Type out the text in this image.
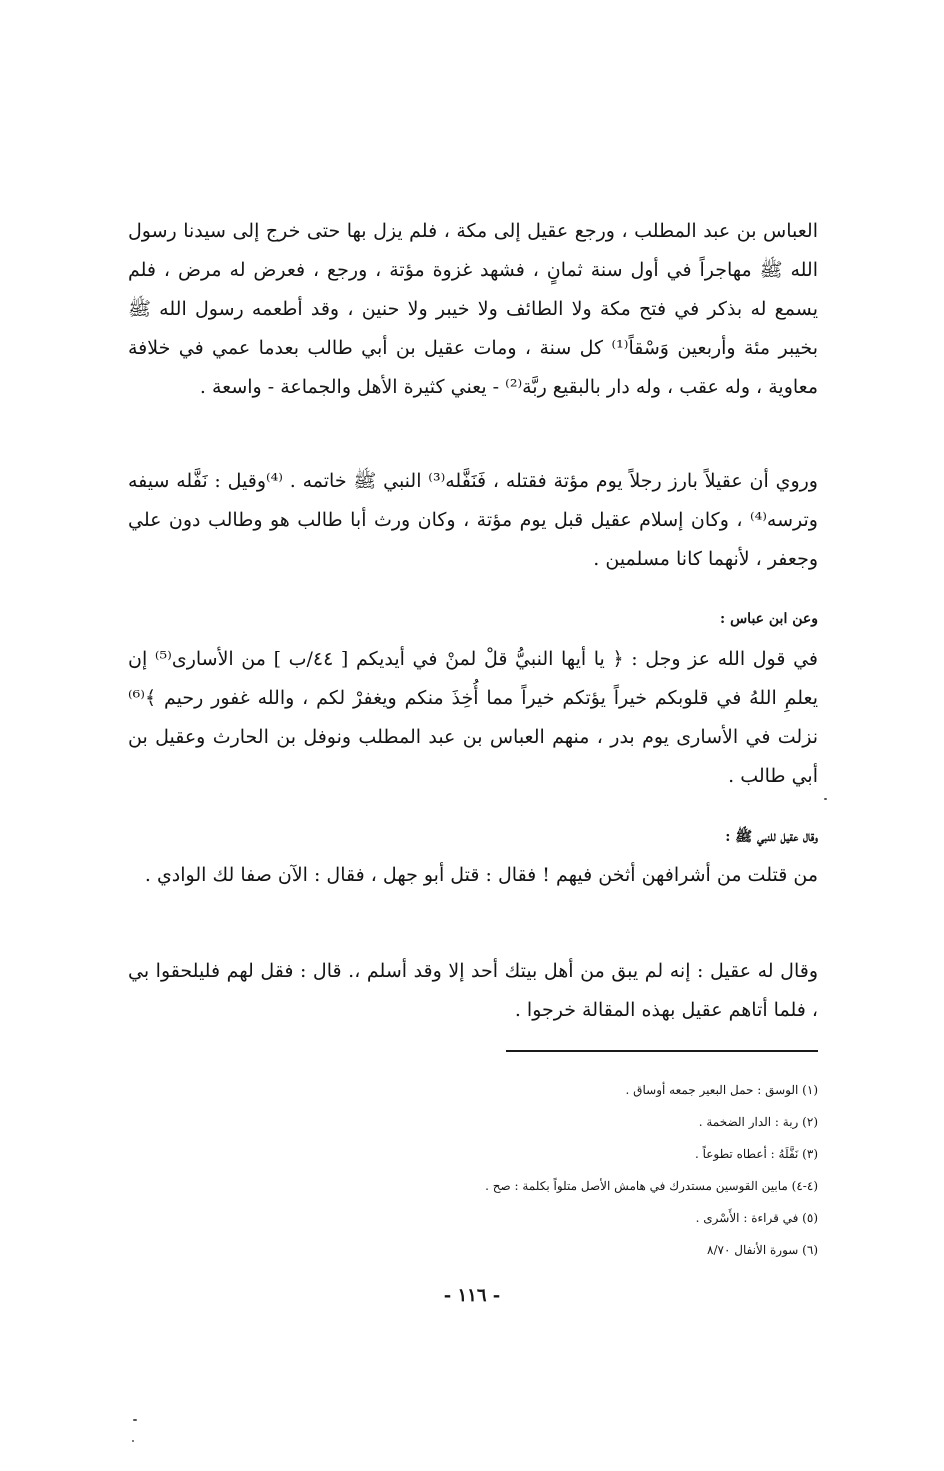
العباس بن عبد المطلب ، ورجع عقيل إلى مكة ، فلم يزل بها حتى خرج إلى سيدنا رسول الله ﷺ مهاجراً في أول سنة ثمانٍ ، فشهد غزوة مؤتة ، ورجع ، فعرض له مرض ، فلم يسمع له بذكر في فتح مكة ولا الطائف ولا خيبر ولا حنين ، وقد أطعمه رسول الله ﷺ بخيبر مئة وأربعين وَسْقاً⁽¹⁾ كل سنة ، ومات عقيل بن أبي طالب بعدما عمي في خلافة معاوية ، وله عقب ، وله دار بالبقيع ربَّة⁽²⁾ - يعني كثيرة الأهل والجماعة - واسعة .

وروي أن عقيلاً بارز رجلاً يوم مؤتة فقتله ، فَنَفَّله⁽³⁾ النبي ﷺ خاتمه . ⁽⁴⁾وقيل : نَفَّله سيفه وترسه⁽⁴⁾ ، وكان إسلام عقيل قبل يوم مؤتة ، وكان ورث أبا طالب هو وطالب دون علي وجعفر ، لأنهما كانا مسلمين .

وعن ابن عباس :

في قول الله عز وجل : ﴿ يا أيها النبيُّ قلْ لمنْ في أيديكم [ ٤٤/ب ] من الأسارى⁽⁵⁾ إن يعلمِ اللهُ في قلوبكم خيراً يؤتكم خيراً مما أُخِذَ منكم ويغفرْ لكم ، والله غفور رحيم ﴾⁽⁶⁾ نزلت في الأسارى يوم بدر ، منهم العباس بن عبد المطلب ونوفل بن الحارث وعقيل بن أبي طالب .

وقال عقيل للنبي ﷺ :

من قتلت من أشرافهن أثخن فيهم ! فقال : قتل أبو جهل ، فقال : الآن صفا لك الوادي .

وقال له عقيل : إنه لم يبق من أهل بيتك أحد إلا وقد أسلم ،. قال : فقل لهم فليلحقوا بي ، فلما أتاهم عقيل بهذه المقالة خرجوا .

(١) الوسق : حمل البعير جمعه أوساق .
(٢) ربة : الدار الضخمة .
(٣) نَفَّلَهُ : أعطاه تطوعاً .
(٤-٤) مابين القوسين مستدرك في هامش الأصل متلواً بكلمة : صح .
(٥) في قراءة : الأَسْرى .
(٦) سورة الأنفال ٨/٧٠
- ١١٦ -
